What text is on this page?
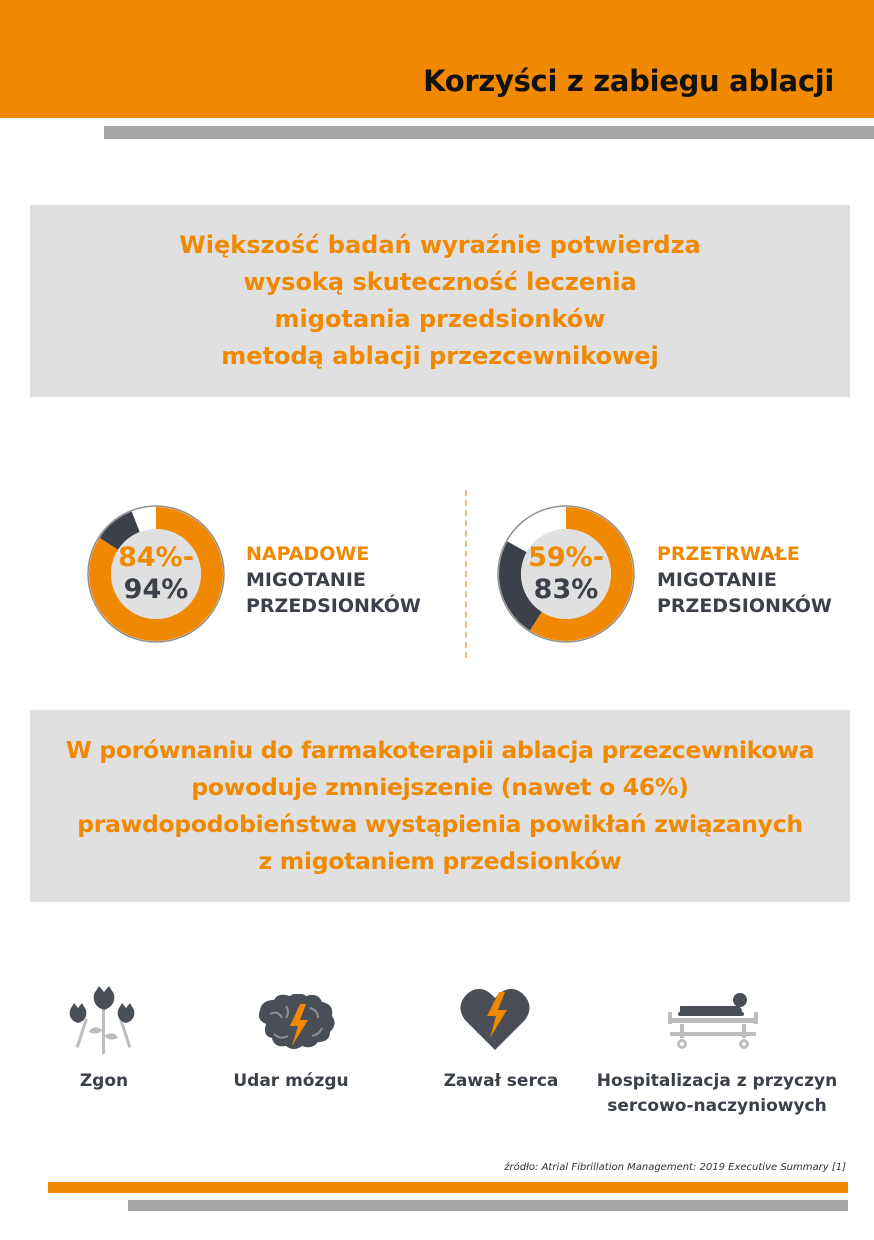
Korzyści z zabiegu ablacji

Większość badań wyraźnie potwierdza
wysoką skuteczność leczenia
migotania przedsionków
metodą ablacji przezcewnikowej

84%-
94%
NAPADOWE
MIGOTANIE
PRZEDSIONKÓW
59%-
83%
PRZETRWAŁE
MIGOTANIE
PRZEDSIONKÓW

W porównaniu do farmakoterapii ablacja przezcewnikowa
powoduje zmniejszenie (nawet o 46%)
prawdopodobieństwa wystąpienia powikłań związanych
z migotaniem przedsionków

Zgon	Udar mózgu	Zawał serca	Hospitalizacja z przyczyn
sercowo-naczyniowych
źródło: Atrial Fibrillation Management: 2019 Executive Summary [1]
